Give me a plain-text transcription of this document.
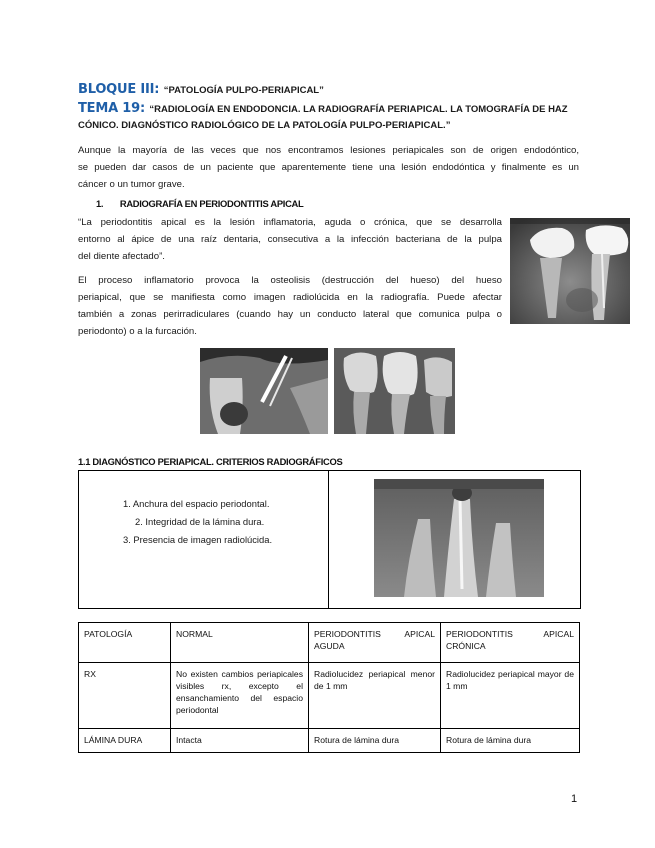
BLOQUE III: “PATOLOGÍA PULPO-PERIAPICAL”
TEMA 19: “RADIOLOGÍA EN ENDODONCIA. LA RADIOGRAFÍA PERIAPICAL. LA TOMOGRAFÍA DE HAZ
CÓNICO. DIAGNÓSTICO RADIOLÓGICO DE LA PATOLOGÍA PULPO-PERIAPICAL.”
Aunque la mayoría de las veces que nos encontramos lesiones periapicales son de origen endodóntico,
se pueden dar casos de un paciente que aparentemente tiene una lesión endodóntica y finalmente es un
cáncer o un tumor grave.
1. RADIOGRAFÍA EN PERIODONTITIS APICAL
“La periodontitis apical es la lesión inflamatoria, aguda o crónica, que se desarrolla
entorno al ápice de una raíz dentaria, consecutiva a la infección bacteriana de la pulpa
del diente afectado”.
El proceso inflamatorio provoca la osteolisis (destrucción del hueso) del hueso
periapical, que se manifiesta como imagen radiolúcida en la radiografía. Puede afectar
también a zonas perirradiculares (cuando hay un conducto lateral que comunica pulpa o
periodonto) o a la furcación.
1.1 DIAGNÓSTICO PERIAPICAL. CRITERIOS RADIOGRÁFICOS
1. Anchura del espacio periodontal.
2. Integridad de la lámina dura.
3. Presencia de imagen radiolúcida.
PATOLOGÍA	NORMAL	PERIODONTITIS APICAL AGUDA	PERIODONTITIS APICAL CRÓNICA
RX	No existen cambios periapicales visibles rx, excepto el ensanchamiento del espacio periodontal	Radiolucidez periapical menor de 1 mm	Radiolucidez periapical mayor de 1 mm
LÁMINA DURA	Intacta	Rotura de lámina dura	Rotura de lámina dura
1
